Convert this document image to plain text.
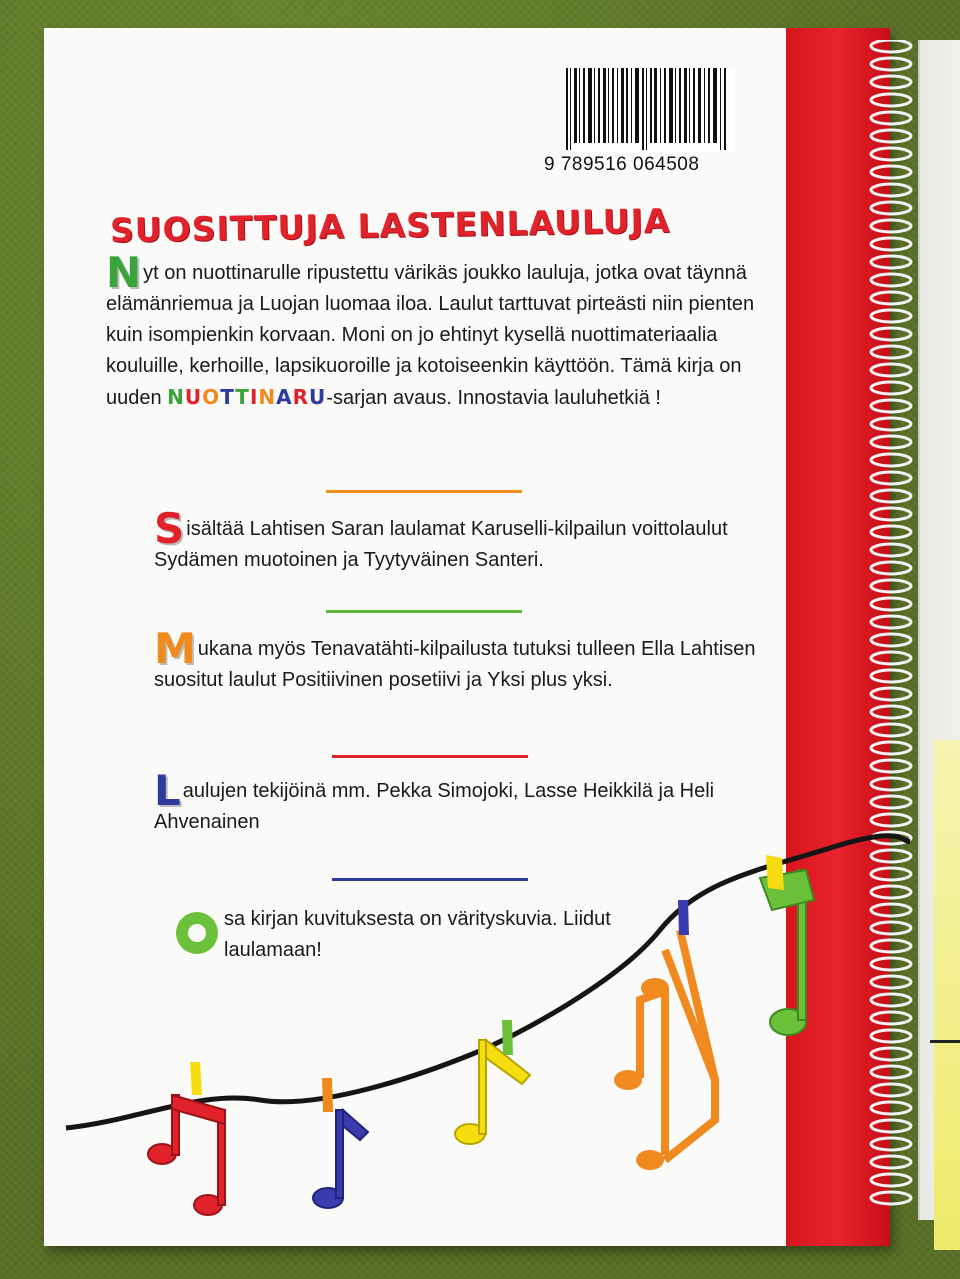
9 789516 064508
SUOSITTUJA LASTENLAULUJA
Nyt on nuottinarulle ripustettu värikäs joukko lauluja, jotka ovat täynnä elämänriemua ja Luojan luomaa iloa. Laulut tarttuvat pirteästi niin pienten kuin isompienkin korvaan. Moni on jo ehtinyt kysellä nuottimateriaalia kouluille, kerhoille, lapsikuoroille ja kotoiseenkin käyttöön. Tämä kirja on uuden NUOTTINARU-sarjan avaus. Innostavia lauluhetkiä !
Sisältää Lahtisen Saran laulamat Karuselli-kilpailun voittolaulut Sydämen muotoinen ja Tyytyväinen Santeri.
Mukana myös Tenavatähti-kilpailusta tutuksi tulleen Ella Lahtisen suositut laulut Positiivinen posetiivi ja Yksi plus yksi.
Laulujen tekijöinä mm. Pekka Simojoki, Lasse Heikkilä ja Heli Ahvenainen
sa kirjan kuvituksesta on värityskuvia. Liidut laulamaan!
